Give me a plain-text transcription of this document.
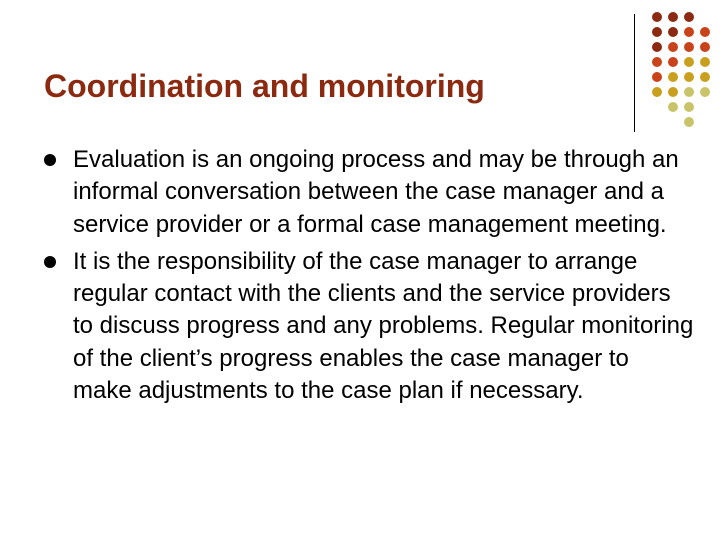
Coordination and monitoring
Evaluation is an ongoing process and may be through an informal conversation between the case manager and a service provider or a formal case management meeting.
It is the responsibility of the case manager to arrange regular contact with the clients and the service providers to discuss progress and any problems. Regular monitoring of the client’s progress enables the case manager to make adjustments to the case plan if necessary.
